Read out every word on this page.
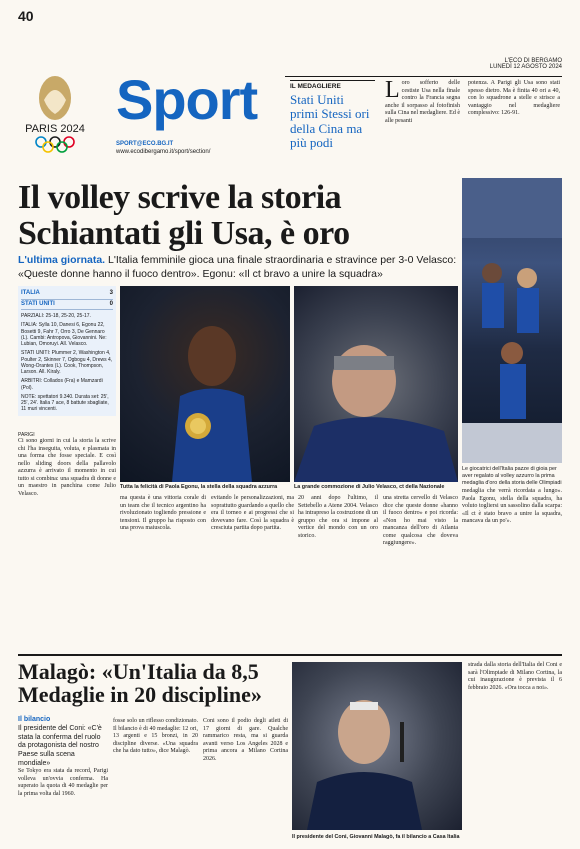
40
PARIS 2024 Sport
SPORT@ECO.BG.IT
www.ecodibergamo.it/sport/section/
L'ECO DI BERGAMO
LUNEDÌ 12 AGOSTO 2024
IL MEDAGLIERE
Stati Uniti primi Stessi ori della Cina ma più podi
L oro sofferto delle cestiste Usa nella finale contro la Francia segna anche il sorpasso al fotofinish sulla Cina nel medagliere. Ed è alle pesanti
potenza. A Parigi gli Usa sono stati spesso dietro. Ma è finita 40 ori a 40, con lo squadrone a stelle e strisce a vantaggio nel medagliere complessivo: 126-91.
Il volley scrive la storia
Schiantati gli Usa, è oro
L'ultima giornata. L'Italia femminile gioca una finale straordinaria e stravince per 3-0 Velasco: «Queste donne hanno il fuoco dentro». Egonu: «Il ct bravo a unire la squadra»
Le giocatrici dell'Italia pazze di gioia per aver regalato al volley azzurro la prima medaglia d'oro della storia delle Olimpiadi
ITALIA	3
STATI UNITI	0
PARZIALI: 25-18, 25-20, 25-17.
ITALIA: Sylla 10, Danesi 6, Egonu 22, Bosetti 9, Fahr 7, Orro 3, De Gennaro (L). Cambi: Antropova, Giovannini. Ne: Lubian, Omoruyi. All. Velasco.
STATI UNITI: Plummer 2, Washington 4, Poulter 2, Skinner 7, Ogbogu 4, Drews 4, Wong-Orantes (L). Cook, Thompson, Larson. All. Kiraly.
ARBITRI: Collados (Fra) e Mamzardi (Pol).
NOTE: spettatori 9.340. Durata set: 25', 25', 24'. Italia 7 ace, 8 battute sbagliate, 11 muri vincenti.
PARIGI
Ci sono giorni in cui la storia la scrive chi l'ha inseguita, voluta, e plasmata in una forma che fosse speciale. E così nello sliding doors della pallavolo azzurra è arrivato il momento in cui tutto si combina: una squadra di donne e un maestro in panchina come Julio Velasco.
ma questa è una vittoria corale di un team che il tecnico argentino ha rivoluzionato togliendo pressione e tensioni. Il gruppo ha risposto con una prova maiuscola.
evitando le personalizzazioni, ma soprattutto guardando a quello che era il torneo e ai progressi che si dovevano fare. Così la squadra è cresciuta partita dopo partita.
20 anni dopo l'ultimo, il Settebello a Atene 2004. Velasco ha intrapreso la costruzione di un gruppo che ora si impone al vertice del mondo con un oro storico.
una stretta cervello di Velasco dice che queste donne «hanno il fuoco dentro» e poi ricorda: «Non ho mai visto la mancanza dell'oro di Atlanta come qualcosa che doveva raggiungere».
medaglia che verrà ricordata a lungo». Paola Egonu, stella della squadra, ha voluto togliersi un sassolino dalla scarpa: «Il ct è stato bravo a unire la squadra, mancava da un po'».
Tutta la felicità di Paola Egonu, la stella della squadra azzurra	La grande commozione di Julio Velasco, ct della Nazionale
Malagò: «Un'Italia da 8,5 Medaglie in 20 discipline»
Il bilancio
Il presidente del Coni: «C'è stata la conferma del ruolo da protagonista del nostro Paese sulla scena mondiale»
Se Tokyo era stata da record, Parigi volleva un'ovvia conferma. Ha superato la quota di 40 medaglie per la prima volta dal 1960.
fosse solo un riflesso condizionato. Il bilancio è di 40 medaglie: 12 ori, 13 argenti e 15 bronzi, in 20 discipline diverse. «Una squadra che ha dato tutto», dice Malagò.
Coni sono il podio degli atleti di 17 giorni di gare. Qualche rammarico resta, ma si guarda avanti verso Los Angeles 2028 e prima ancora a Milano Cortina 2026.
Il presidente del Coni, Giovanni Malagò, fa il bilancio a Casa Italia
strada dalla storia dell'Italia del Coni e sarà l'Olimpiade di Milano Cortina, la cui inaugurazione è prevista il 6 febbraio 2026. «Ora tocca a noi».
